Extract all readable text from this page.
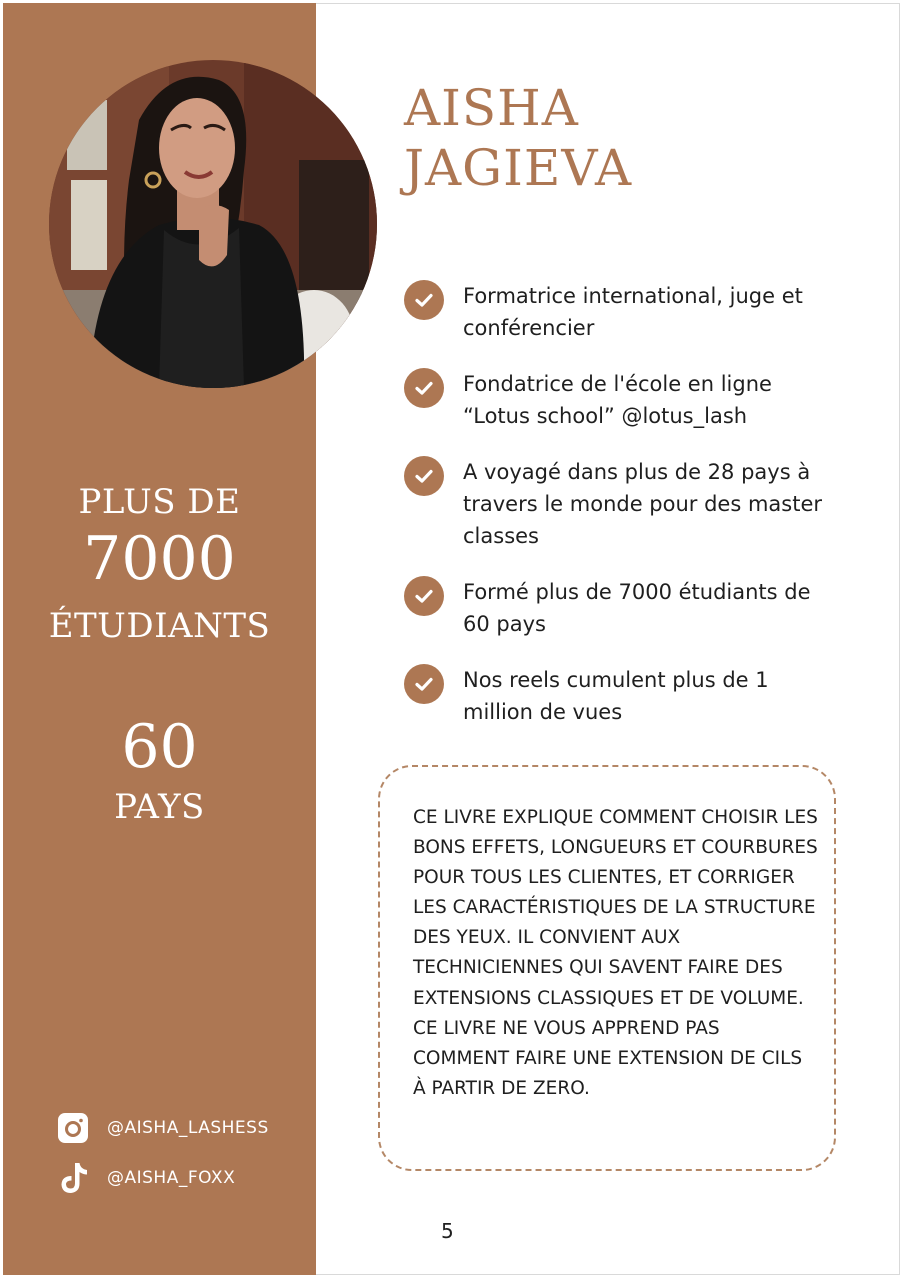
PLUS DE
7000
ÉTUDIANTS
60
PAYS
@AISHA_LASHESS
@AISHA_FOXX
AISHA
JAGIEVA
Formatrice international, juge et conférencier
Fondatrice de l'école en ligne “Lotus school” @lotus_lash
A voyagé dans plus de 28 pays à travers le monde pour des master classes
Formé plus de 7000 étudiants de 60 pays
Nos reels cumulent plus de 1 million de vues
CE LIVRE EXPLIQUE COMMENT CHOISIR LES BONS EFFETS, LONGUEURS ET COURBURES POUR TOUS LES CLIENTES, ET CORRIGER LES CARACTÉRISTIQUES DE LA STRUCTURE DES YEUX. IL CONVIENT AUX TECHNICIENNES QUI SAVENT FAIRE DES EXTENSIONS CLASSIQUES ET DE VOLUME. CE LIVRE NE VOUS APPREND PAS COMMENT FAIRE UNE EXTENSION DE CILS À PARTIR DE ZERO.
5
